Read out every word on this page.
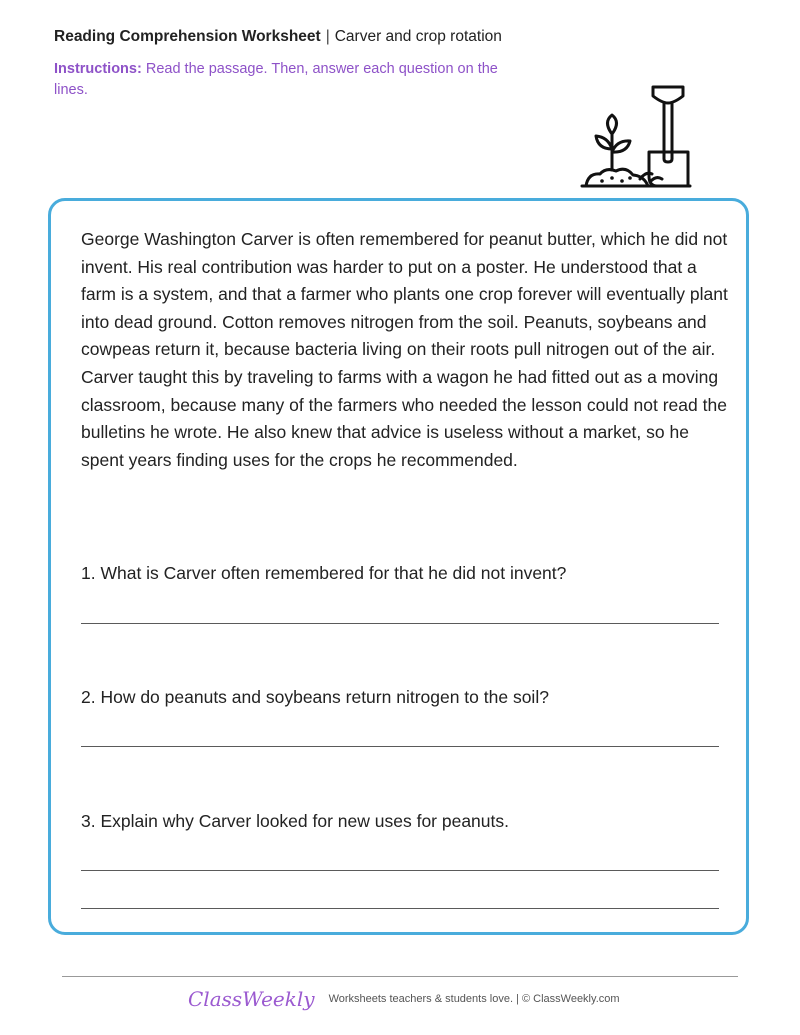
Reading Comprehension Worksheet | Carver and crop rotation
Instructions: Read the passage. Then, answer each question on the lines.

George Washington Carver is often remembered for peanut butter, which he did not invent. His real contribution was harder to put on a poster. He understood that a farm is a system, and that a farmer who plants one crop forever will eventually plant into dead ground. Cotton removes nitrogen from the soil. Peanuts, soybeans and cowpeas return it, because bacteria living on their roots pull nitrogen out of the air. Carver taught this by traveling to farms with a wagon he had fitted out as a moving classroom, because many of the farmers who needed the lesson could not read the bulletins he wrote. He also knew that advice is useless without a market, so he spent years finding uses for the crops he recommended.

1. What is Carver often remembered for that he did not invent?
2. How do peanuts and soybeans return nitrogen to the soil?
3. Explain why Carver looked for new uses for peanuts.
ClassWeekly Worksheets teachers & students love. | © ClassWeekly.com
